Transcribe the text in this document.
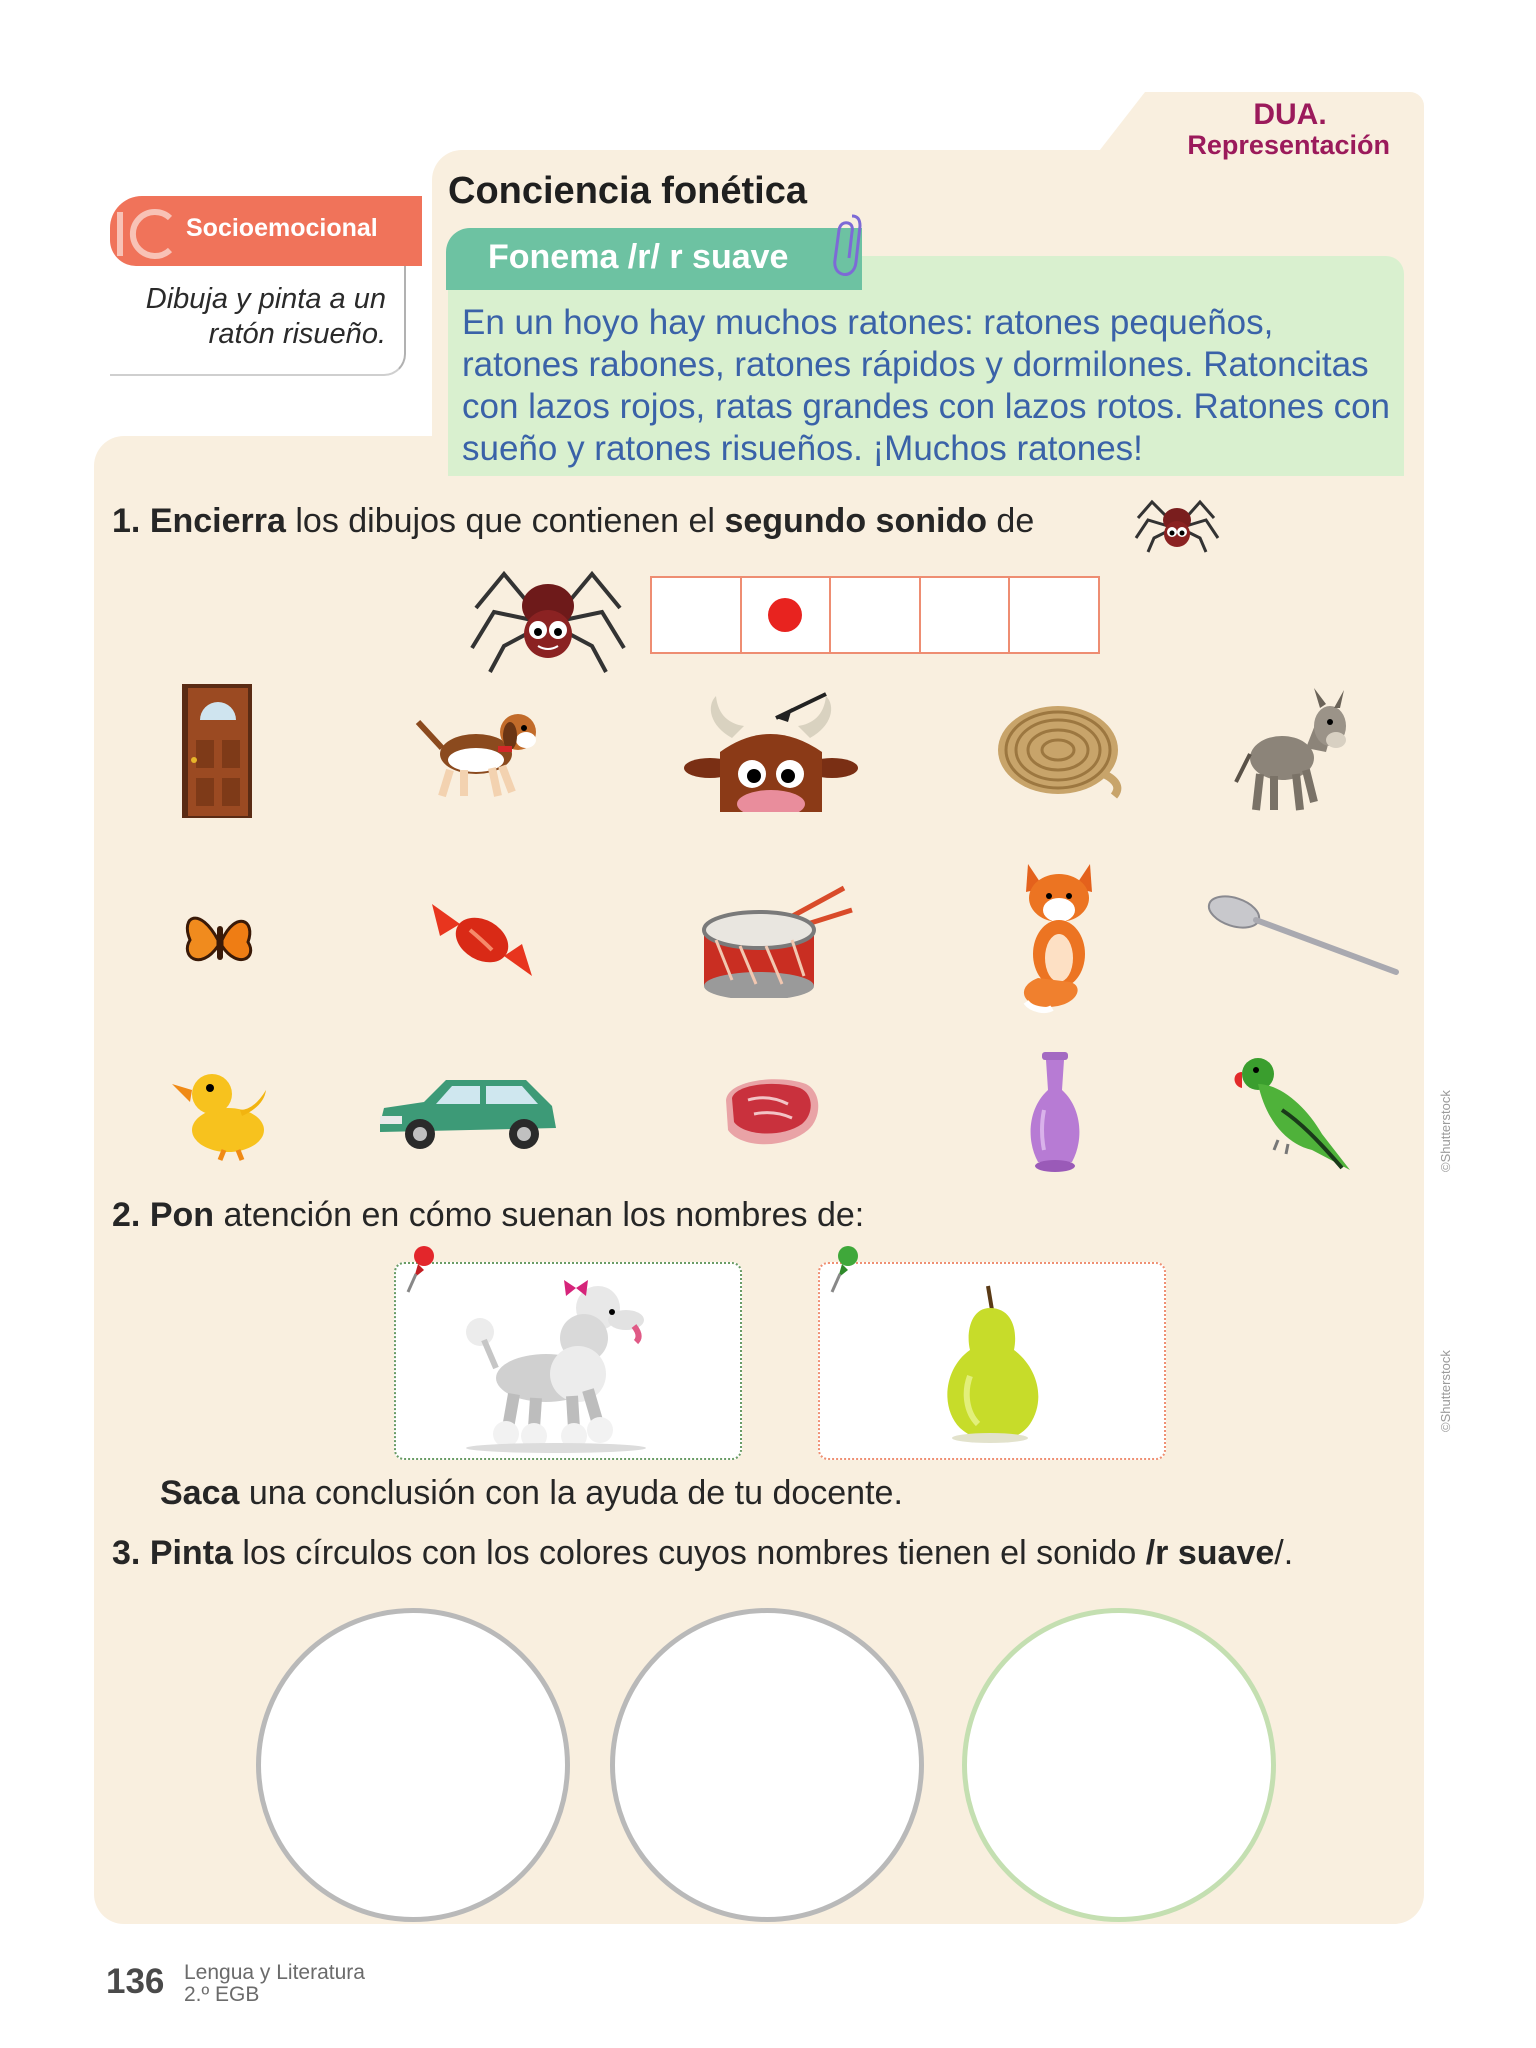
DUA.
Representación
Socioemocional
Dibuja y pinta a un ratón risueño.
Conciencia fonética
Fonema /r/ r suave
En un hoyo hay muchos ratones: ratones pequeños, ratones rabones, ratones rápidos y dormilones. Ratoncitas con lazos rojos, ratas grandes con lazos rotos. Ratones con sueño y ratones risueños. ¡Muchos ratones!
1. Encierra los dibujos que contienen el segundo sonido de
2. Pon atención en cómo suenan los nombres de:
Saca una conclusión con la ayuda de tu docente.
3. Pinta los círculos con los colores cuyos nombres tienen el sonido /r suave/.
©Shutterstock
©Shutterstock
136 Lengua y Literatura
2.º EGB
